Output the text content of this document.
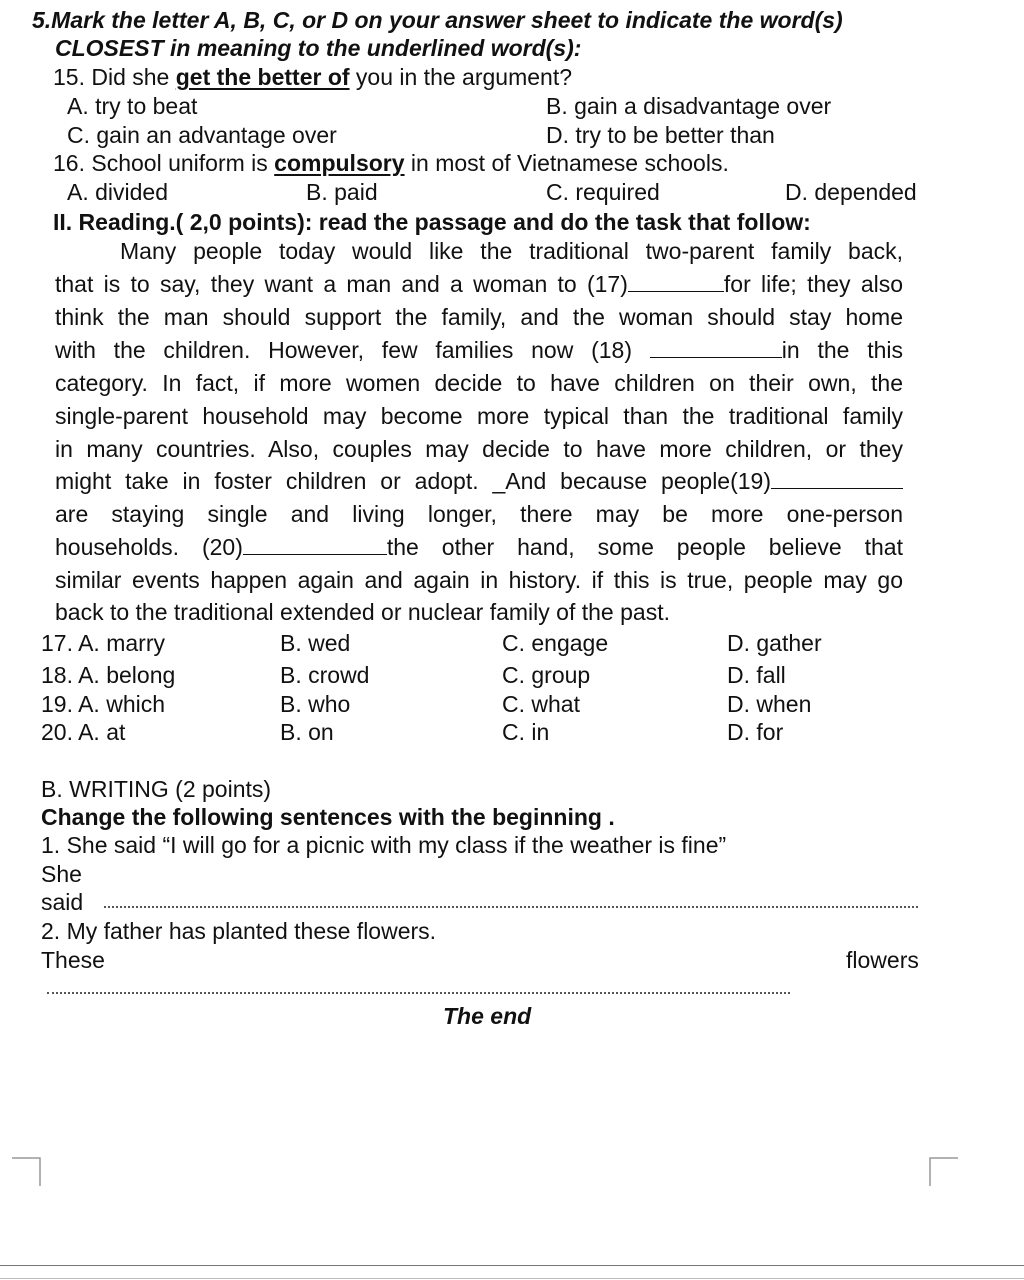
5.Mark the letter A, B, C, or D on your answer sheet to indicate the word(s)
CLOSEST in meaning to the underlined word(s):
15. Did she get the better of you in the argument?
A. try to beat	B. gain a disadvantage over
C. gain an advantage over	D. try to be better than
16. School uniform is compulsory in most of Vietnamese schools.
A. divided	B. paid	C. required	D. depended
II. Reading.( 2,0 points): read the passage and do the task that follow:
Many people today would like the traditional two-parent family back,
that is to say, they want a man and a woman to (17)	for life; they also
think the man should support the family, and the woman should stay home
with the children. However, few families now (18)	in the this
category. In fact, if more women decide to have children on their own, the
single-parent household may become more typical than the traditional family
in many countries. Also, couples may decide to have more children, or they
might take in foster children or adopt. _And because people(19)
are staying single and living longer, there may be more one-person
households. (20)	the other hand, some people believe that
similar events happen again and again in history. if this is true, people may go
back to the traditional extended or nuclear family of the past.
17. A. marry	B. wed	C. engage	D. gather
18. A. belong	B. crowd	C. group	D. fall
19. A. which	B. who	C. what	D. when
20. A. at	B. on	C. in	D. for
B. WRITING (2 points)
Change the following sentences with the beginning .
1. She said “I will go for a picnic with my class if the weather is fine”
She
said
2. My father has planted these flowers.
These	flowers
The end
